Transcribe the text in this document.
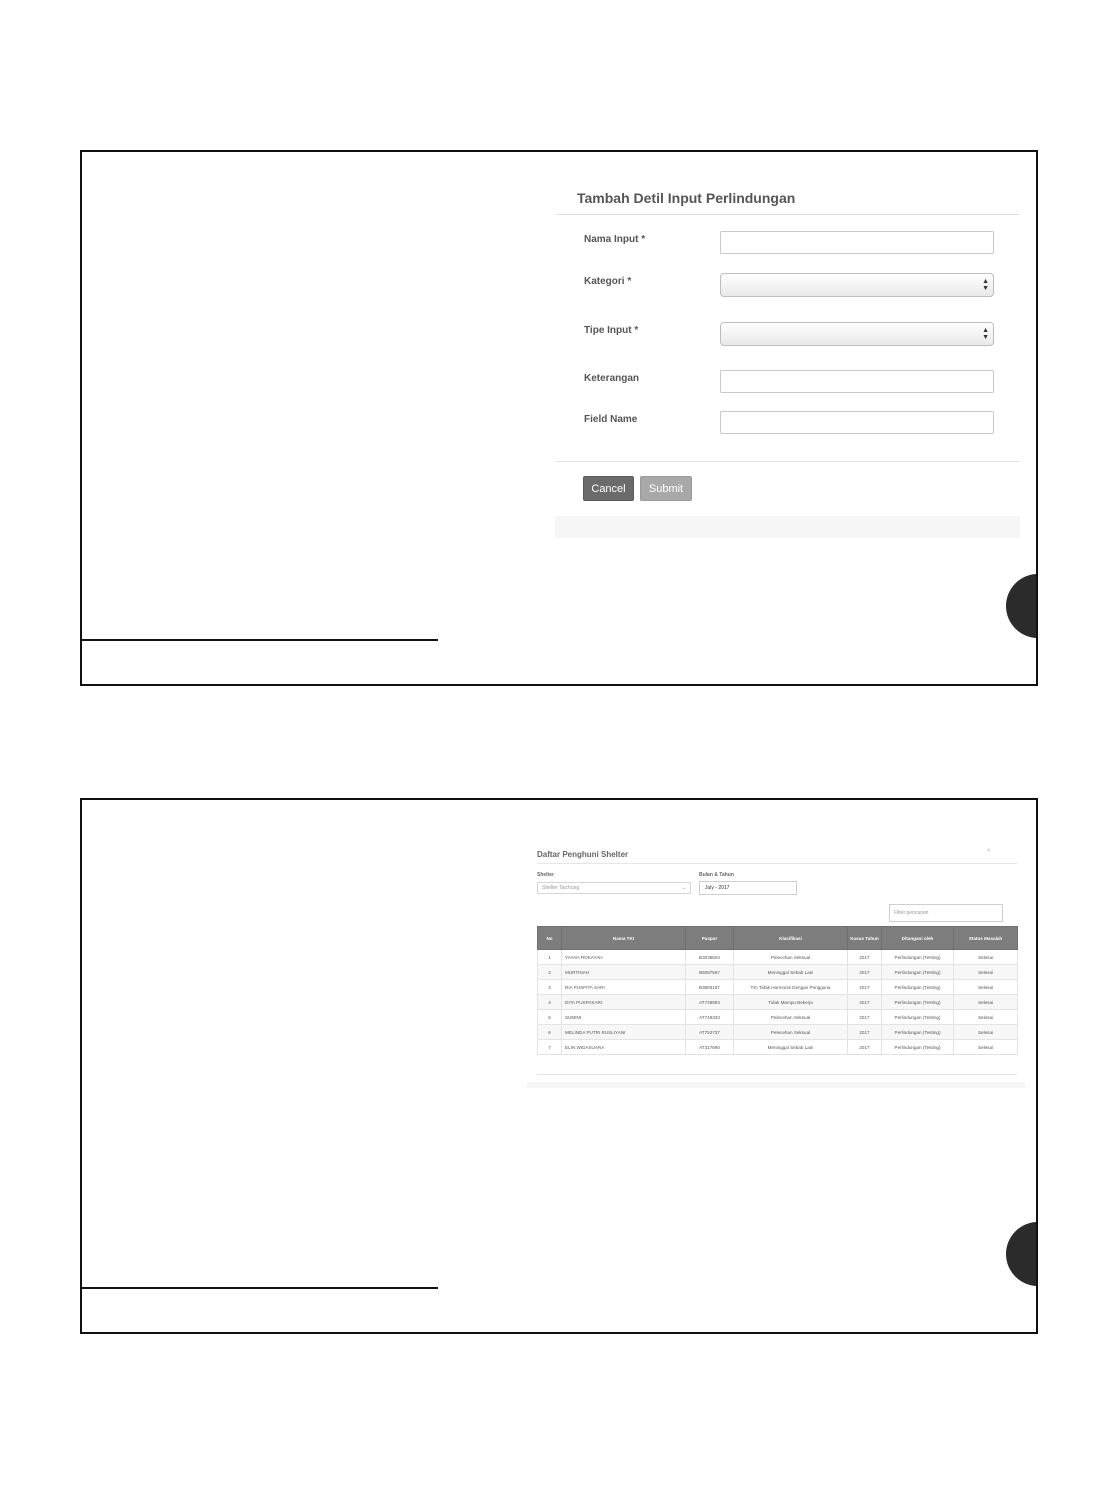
Tambah Detil Input Perlindungan
Nama Input *
Kategori *	▲
▼
Tipe Input *	▲
▼
Keterangan
Field Name
Cancel	Submit
Daftar Penghuni Shelter	^
Shelter
Shelter Taichung	⌄
Bulan & Tahun
July - 2017
Filter pencarian
No	Nama TKI	Paspor	Klasifikasi	Kasus Tahun	Ditangani oleh	Status Masalah
1	YAYAH ROKAYAH	B3036604	Pelecehan Seksual	2017	Perlindungan (Testing)	Selesai
2	MURTINAH	B6087567	Meninggal Sebab Lain	2017	Perlindungan (Testing)	Selesai
3	RIA PUSPITA SARI	B3883187	TKI Tidak Harmonis Dengan Pengguna	2017	Perlindungan (Testing)	Selesai
4	DITA PUSPASARI	AT738893	Tidak Mampu Bekerja	2017	Perlindungan (Testing)	Selesai
5	SUMINI	AT749333	Pelecehan Seksual	2017	Perlindungan (Testing)	Selesai
6	MELINDA PUTRI RUSLIYANI	AT752737	Pelecehan Seksual	2017	Perlindungan (Testing)	Selesai
7	ELIN WIDASUARA	AT317690	Meninggal Sebab Lain	2017	Perlindungan (Testing)	Selesai
